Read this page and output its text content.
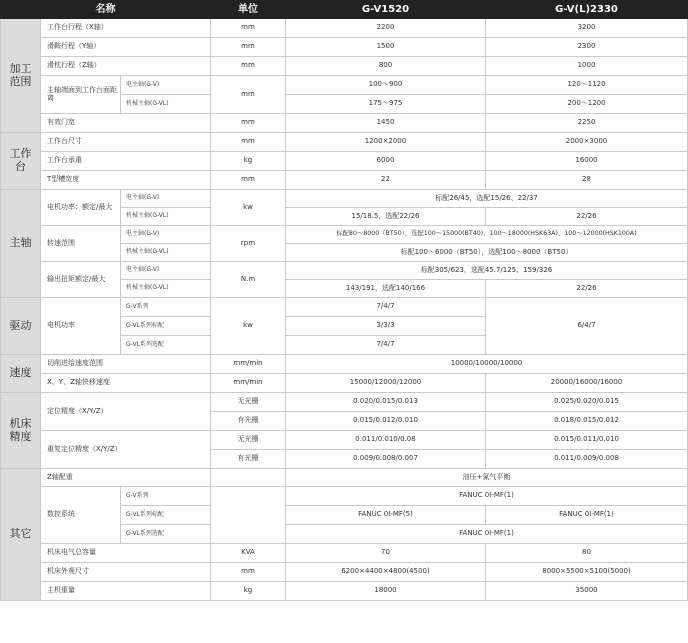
名称			单位	G-V1520	G-V(L)2330
加工范围	工作台行程（X轴）		mm	2200	3200
	滑鞍行程（Y轴）		mm	1500	2300
	滑枕行程（Z轴）		mm	800	1000
	主轴端面到工作台面距离	电主轴(G-V)	mm	100～900	120～1120
		机械主轴(G-VL)		175～975	200～1200
	有效门宽		mm	1450	2250
工作台	工作台尺寸		mm	1200×2000	2000×3000
	工作台承重		kg	6000	16000
	T型槽宽度		mm	22	28
主轴	电机功率：额定/最大	电主轴(G-V)	kw	标配26/45，选配15/26、22/37	
		机械主轴(G-VL)		15/18.5，选配22/26	22/26
	转速范围	电主轴(G-V)	rpm	标配80～8000（BT50），选配100～15000(BT40)、100～18000(HSK63A)、100～12000(HSK100A)	
		机械主轴(G-VL)		标配100～6000（BT50），选配100～8000（BT50）	
	输出扭矩额定/最大	电主轴(G-V)	N.m	标配305/623，选配45.7/125、159/326	
		机械主轴(G-VL)		143/191，选配140/166	22/26
驱动	电机功率	G-V系列	kw	7/4/7	6/4/7
		G-VL系列标配		3/3/3	
		G-VL系列选配		7/4/7	
速度	切削进给速度范围		mm/min	10000/10000/10000	
	X、Y、Z轴快移速度		mm/min	15000/12000/12000	20000/16000/16000
机床精度	定位精度（X/Y/Z）		无光栅	0.020/0.015/0.013	0.025/0.020/0.015
			有光栅	0.015/0.012/0.010	0.018/0.015/0.012
	重复定位精度（X/Y/Z）		无光栅	0.011/0.010/0.08	0.015/0.011/0.010
			有光栅	0.009/0.008/0.007	0.011/0.009/0.008
其它	Z轴配重			油压+氮气平衡	
	数控系统	G-V系列		FANUC 0I-MF(1)	
		G-VL系列标配		FANUC 0I-MF(5)	FANUC 0I-MF(1)
		G-VL系列选配		FANUC 0I-MF(1)	
	机床电气总容量		KVA	70	80
	机床外观尺寸		mm	6200×4400×4800(4500)	8000×5500×5100(5000)
	主机重量		kg	18000	35000
